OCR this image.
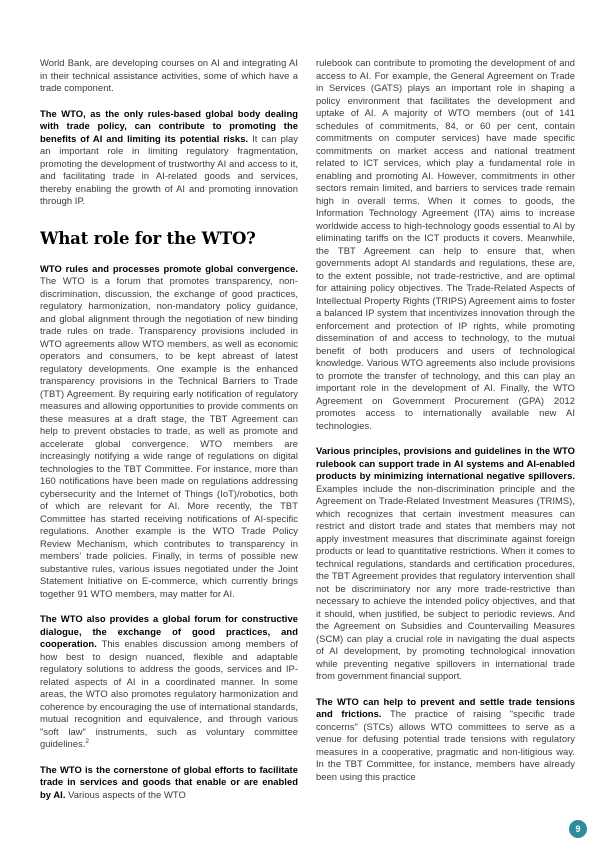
World Bank, are developing courses on AI and integrating AI in their technical assistance activities, some of which have a trade component.

The WTO, as the only rules-based global body dealing with trade policy, can contribute to promoting the benefits of AI and limiting its potential risks. It can play an important role in limiting regulatory fragmentation, promoting the development of trustworthy AI and access to it, and facilitating trade in AI-related goods and services, thereby enabling the growth of AI and promoting innovation through IP.

What role for the WTO?

WTO rules and processes promote global convergence. The WTO is a forum that promotes transparency, non-discrimination, discussion, the exchange of good practices, regulatory harmonization, non-mandatory policy guidance, and global alignment through the negotiation of new binding trade rules on trade. Transparency provisions included in WTO agreements allow WTO members, as well as economic operators and consumers, to be kept abreast of latest regulatory developments. One example is the enhanced transparency provisions in the Technical Barriers to Trade (TBT) Agreement. By requiring early notification of regulatory measures and allowing opportunities to provide comments on these measures at a draft stage, the TBT Agreement can help to prevent obstacles to trade, as well as promote and accelerate global convergence. WTO members are increasingly notifying a wide range of regulations on digital technologies to the TBT Committee. For instance, more than 160 notifications have been made on regulations addressing cybersecurity and the Internet of Things (IoT)/robotics, both of which are relevant for AI. More recently, the TBT Committee has started receiving notifications of AI-specific regulations. Another example is the WTO Trade Policy Review Mechanism, which contributes to transparency in members' trade policies. Finally, in terms of possible new substantive rules, various issues negotiated under the Joint Statement Initiative on E-commerce, which currently brings together 91 WTO members, may matter for AI.

The WTO also provides a global forum for constructive dialogue, the exchange of good practices, and cooperation. This enables discussion among members of how best to design nuanced, flexible and adaptable regulatory solutions to address the goods, services and IP-related aspects of AI in a coordinated manner. In some areas, the WTO also promotes regulatory harmonization and coherence by encouraging the use of international standards, mutual recognition and equivalence, and through various "soft law" instruments, such as voluntary committee guidelines.$^2$

The WTO is the cornerstone of global efforts to facilitate trade in services and goods that enable or are enabled by AI. Various aspects of the WTO

rulebook can contribute to promoting the development of and access to AI. For example, the General Agreement on Trade in Services (GATS) plays an important role in shaping a policy environment that facilitates the development and uptake of AI. A majority of WTO members (out of 141 schedules of commitments, 84, or 60 per cent, contain commitments on computer services) have made specific commitments on market access and national treatment related to ICT services, which play a fundamental role in enabling and promoting AI. However, commitments in other sectors remain limited, and barriers to services trade remain high in overall terms. When it comes to goods, the Information Technology Agreement (ITA) aims to increase worldwide access to high-technology goods essential to AI by eliminating tariffs on the ICT products it covers. Meanwhile, the TBT Agreement can help to ensure that, when governments adopt AI standards and regulations, these are, to the extent possible, not trade-restrictive, and are optimal for attaining policy objectives. The Trade-Related Aspects of Intellectual Property Rights (TRIPS) Agreement aims to foster a balanced IP system that incentivizes innovation through the enforcement and protection of IP rights, while promoting dissemination of and access to technology, to the mutual benefit of both producers and users of technological knowledge. Various WTO agreements also include provisions to promote the transfer of technology, and this can play an important role in the development of AI. Finally, the WTO Agreement on Government Procurement (GPA) 2012 promotes access to internationally available new AI technologies.

Various principles, provisions and guidelines in the WTO rulebook can support trade in AI systems and AI-enabled products by minimizing international negative spillovers. Examples include the non-discrimination principle and the Agreement on Trade-Related Investment Measures (TRIMS), which recognizes that certain investment measures can restrict and distort trade and states that members may not apply investment measures that discriminate against foreign products or lead to quantitative restrictions. When it comes to technical regulations, standards and certification procedures, the TBT Agreement provides that regulatory intervention shall not be discriminatory nor any more trade-restrictive than necessary to achieve the intended policy objectives, and that it should, when justified, be subject to periodic reviews. And the Agreement on Subsidies and Countervailing Measures (SCM) can play a crucial role in navigating the dual aspects of AI development, by promoting technological innovation while preventing negative spillovers in international trade from government financial support.

The WTO can help to prevent and settle trade tensions and frictions. The practice of raising "specific trade concerns" (STCs) allows WTO committees to serve as a venue for defusing potential trade tensions with regulatory measures in a cooperative, pragmatic and non-litigious way. In the TBT Committee, for instance, members have already been using this practice

9
